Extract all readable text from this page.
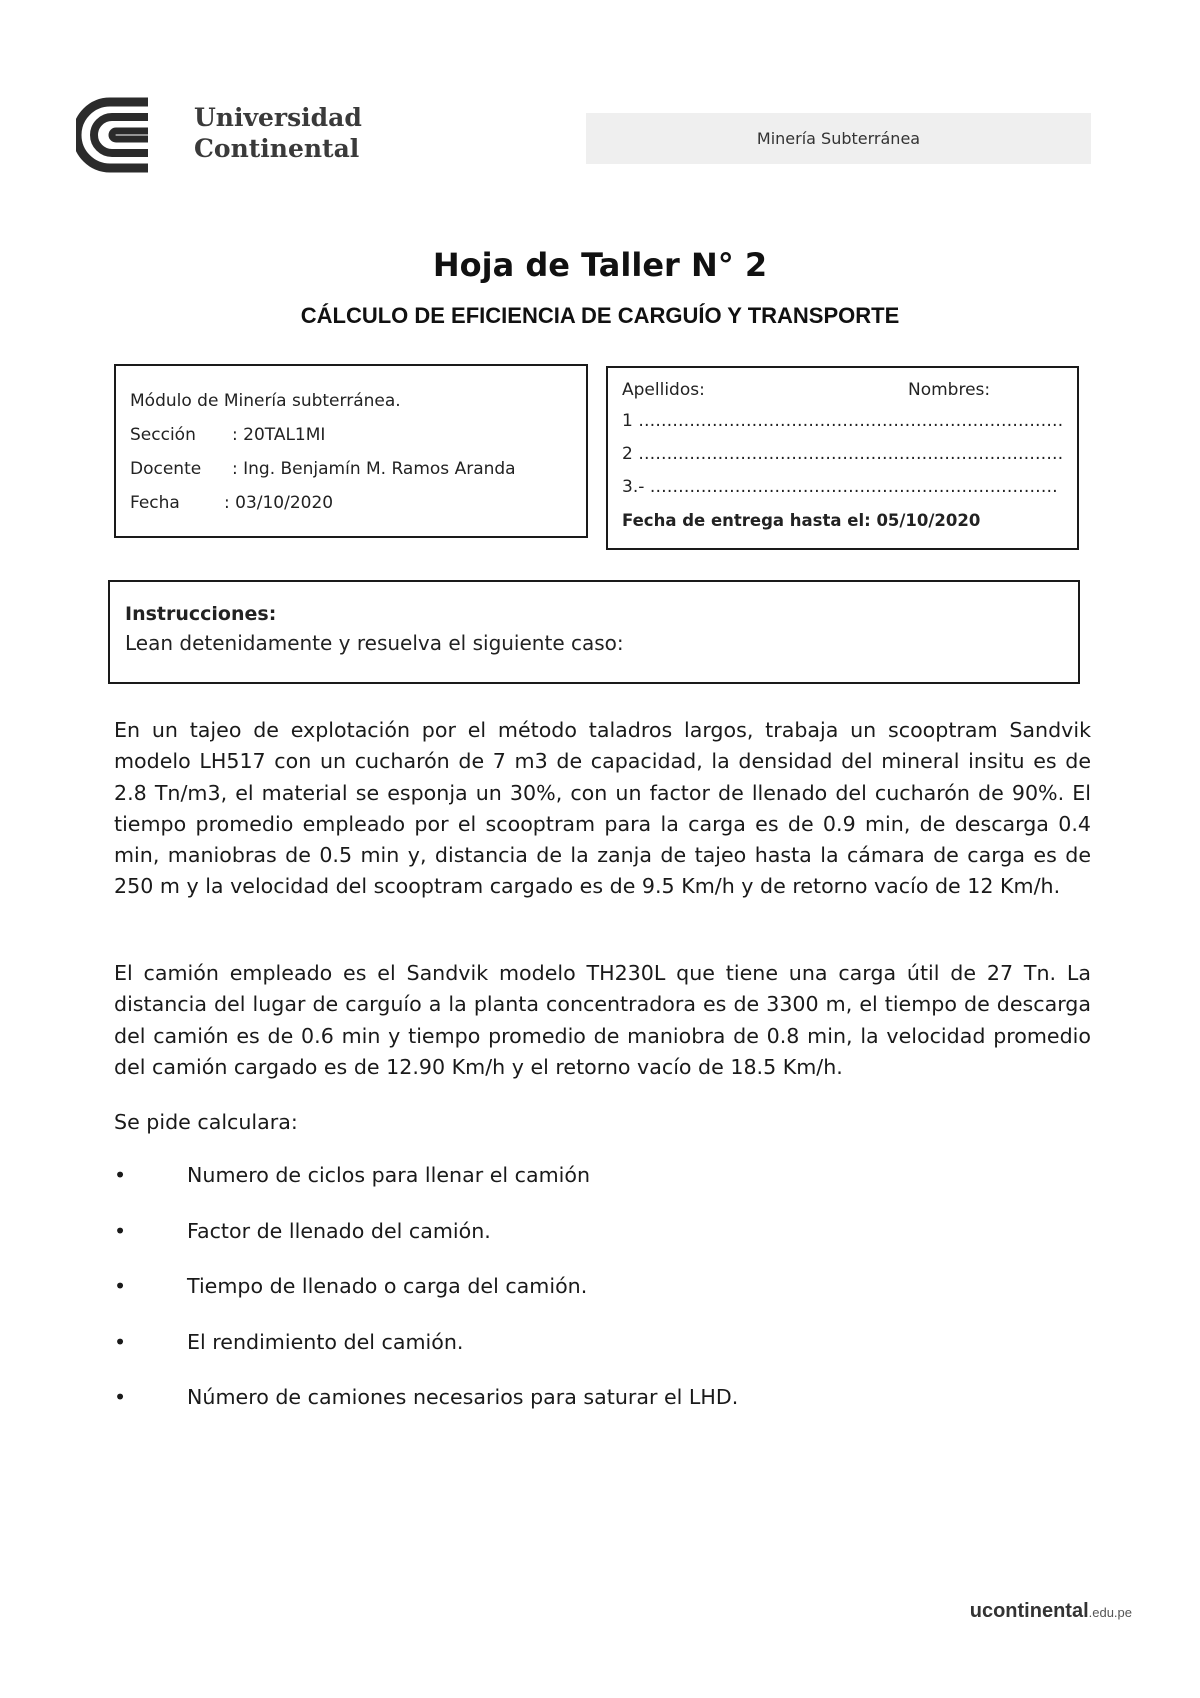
Universidad
Continental	Minería Subterránea
Hoja de Taller N° 2
CÁLCULO DE EFICIENCIA DE CARGUÍO Y TRANSPORTE
Módulo de Minería subterránea.
Sección : 20TAL1MI
Docente : Ing. Benjamín M. Ramos Aranda
Fecha	: 03/10/2020
Apellidos:	Nombres:
1 …………………………………………………………………
2 …………………………………………………………………
3.- ………………………………………………………………
Fecha de entrega hasta el: 05/10/2020
Instrucciones:
Lean detenidamente y resuelva el siguiente caso:

En un tajeo de explotación por el método taladros largos, trabaja un scooptram Sandvik modelo LH517 con un cucharón de 7 m3 de capacidad, la densidad del mineral insitu es de 2.8 Tn/m3, el material se esponja un 30%, con un factor de llenado del cucharón de 90%. El tiempo promedio empleado por el scooptram para la carga es de 0.9 min, de descarga 0.4 min, maniobras de 0.5 min y, distancia de la zanja de tajeo hasta la cámara de carga es de 250 m y la velocidad del scooptram cargado es de 9.5 Km/h y de retorno vacío de 12 Km/h.

El camión empleado es el Sandvik modelo TH230L que tiene una carga útil de 27 Tn. La distancia del lugar de carguío a la planta concentradora es de 3300 m, el tiempo de descarga del camión es de 0.6 min y tiempo promedio de maniobra de 0.8 min, la velocidad promedio del camión cargado es de 12.90 Km/h y el retorno vacío de 18.5 Km/h.

Se pide calculara:
•	Numero de ciclos para llenar el camión
•	Factor de llenado del camión.
•	Tiempo de llenado o carga del camión.
•	El rendimiento del camión.
•	Número de camiones necesarios para saturar el LHD.
ucontinental.edu.pe
